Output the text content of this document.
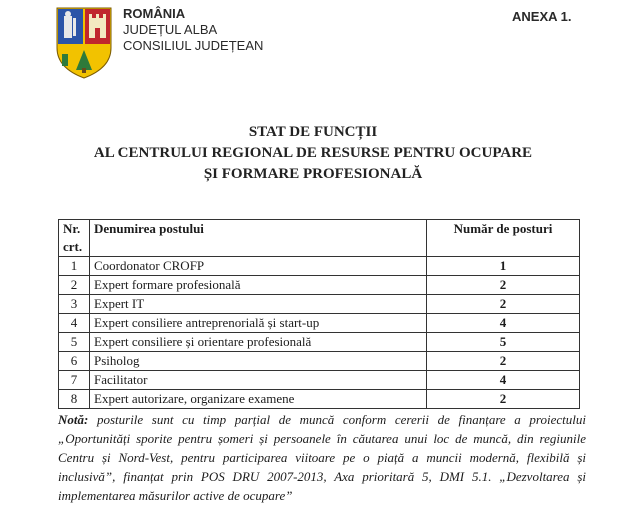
ROMÂNIA
JUDEȚUL ALBA
CONSILIUL JUDEȚEAN
ANEXA 1.
STAT DE FUNCȚII
AL CENTRULUI REGIONAL DE RESURSE PENTRU OCUPARE
ȘI FORMARE PROFESIONALĂ
Nr. crt.	Denumirea postului	Număr de posturi
1	Coordonator CROFP	1
2	Expert formare profesională	2
3	Expert IT	2
4	Expert consiliere antreprenorială și start-up	4
5	Expert consiliere și orientare profesională	5
6	Psiholog	2
7	Facilitator	4
8	Expert autorizare, organizare examene	2
Notă: posturile sunt cu timp parțial de muncă conform cererii de finanțare a proiectului „Oportunități sporite pentru șomeri și persoanele în căutarea unui loc de muncă, din regiunile Centru și Nord-Vest, pentru participarea viitoare pe o piață a muncii modernă, flexibilă și inclusivă”, finanțat prin POS DRU 2007-2013, Axa prioritară 5, DMI 5.1. „Dezvoltarea și implementarea măsurilor active de ocupare”
